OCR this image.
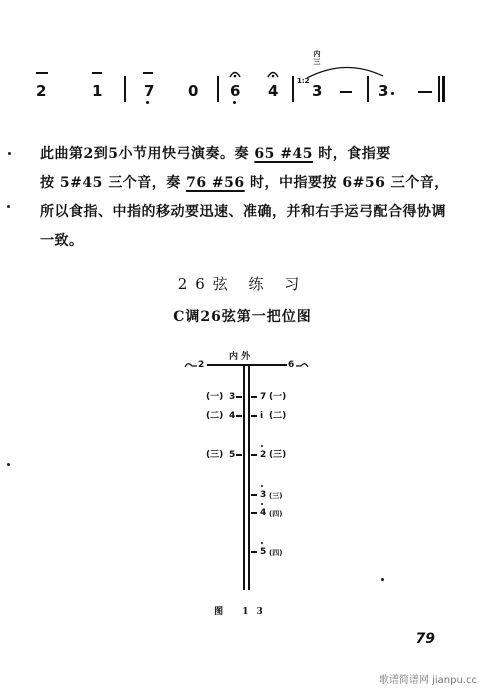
2	1	7 0 6 4
内三
1:2
3	3
此曲第2到5小节用快弓演奏。奏 65 #45 时，食指要
按 5#45 三个音，奏 76 #56 时，中指要按 6#56 三个音，
所以食指、中指的移动要迅速、准确，并和右手运弓配合得协调
一致。
26弦 练 习
C调26弦第一把位图
内 外
2	6
(一) 3
(二) 4
(三) 5
7 (一)
i (二)
2 (三)
3 (三)
4 (四)
5 (四)
图 13
79
歌谱简谱网 jianpu.cc
